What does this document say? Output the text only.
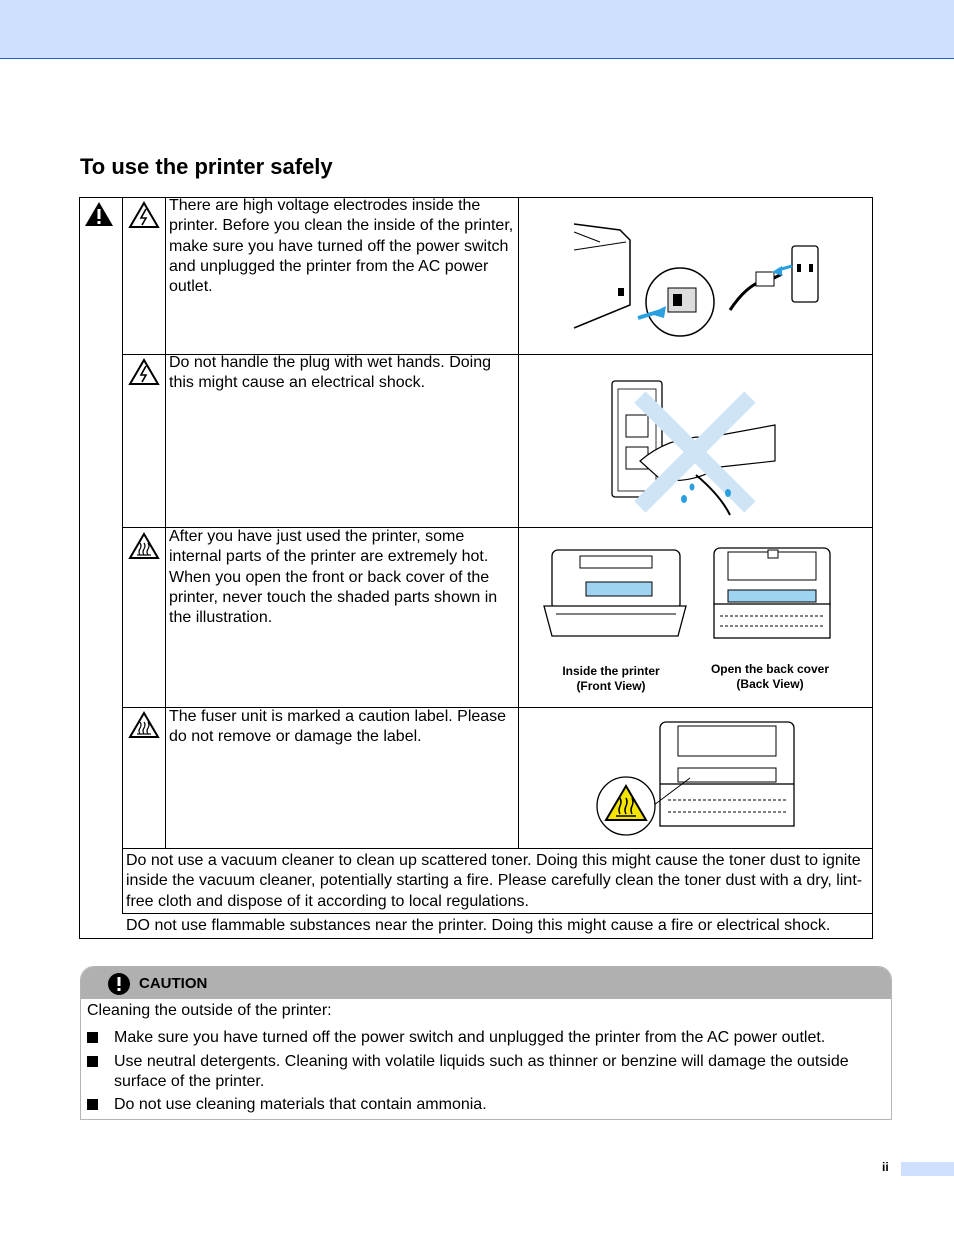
To use the printer safely
There are high voltage electrodes inside the printer. Before you clean the inside of the printer, make sure you have turned off the power switch and unplugged the printer from the AC power outlet.
Do not handle the plug with wet hands. Doing this might cause an electrical shock.
After you have just used the printer, some internal parts of the printer are extremely hot. When you open the front or back cover of the printer, never touch the shaded parts shown in the illustration.
Inside the printer
(Front View)
Open the back cover
(Back View)
The fuser unit is marked a caution label. Please do not remove or damage the label.
Do not use a vacuum cleaner to clean up scattered toner. Doing this might cause the toner dust to ignite inside the vacuum cleaner, potentially starting a fire. Please carefully clean the toner dust with a dry, lint-free cloth and dispose of it according to local regulations.
DO not use flammable substances near the printer. Doing this might cause a fire or electrical shock.
CAUTION
Cleaning the outside of the printer:
Make sure you have turned off the power switch and unplugged the printer from the AC power outlet.
Use neutral detergents. Cleaning with volatile liquids such as thinner or benzine will damage the outside surface of the printer.
Do not use cleaning materials that contain ammonia.
ii
